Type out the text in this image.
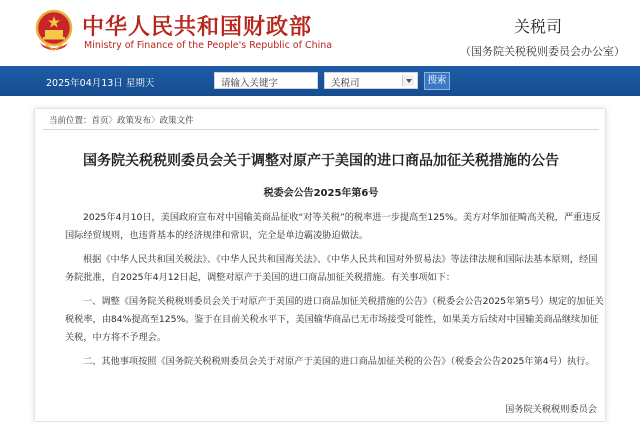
中华人民共和国财政部
Ministry of Finance of the People's Republic of China
关税司
（国务院关税税则委员会办公室）
2025年04月13日 星期天	请输入关键字	关税司	搜索
当前位置：首页〉政策发布〉政策文件
国务院关税税则委员会关于调整对原产于美国的进口商品加征关税措施的公告
税委会公告2025年第6号

2025年4月10日，美国政府宣布对中国输美商品征收“对等关税”的税率进一步提高至125%。美方对华加征畸高关税，严重违反国际经贸规则，也违背基本的经济规律和常识，完全是单边霸凌胁迫做法。

根据《中华人民共和国关税法》、《中华人民共和国海关法》、《中华人民共和国对外贸易法》等法律法规和国际法基本原则，经国务院批准，自2025年4月12日起，调整对原产于美国的进口商品加征关税措施。有关事项如下：

一、调整《国务院关税税则委员会关于对原产于美国的进口商品加征关税措施的公告》（税委会公告2025年第5号）规定的加征关税税率，由84%提高至125%。鉴于在目前关税水平下，美国输华商品已无市场接受可能性，如果美方后续对中国输美商品继续加征关税，中方将不予理会。

二、其他事项按照《国务院关税税则委员会关于对原产于美国的进口商品加征关税的公告》（税委会公告2025年第4号）执行。

国务院关税税则委员会
